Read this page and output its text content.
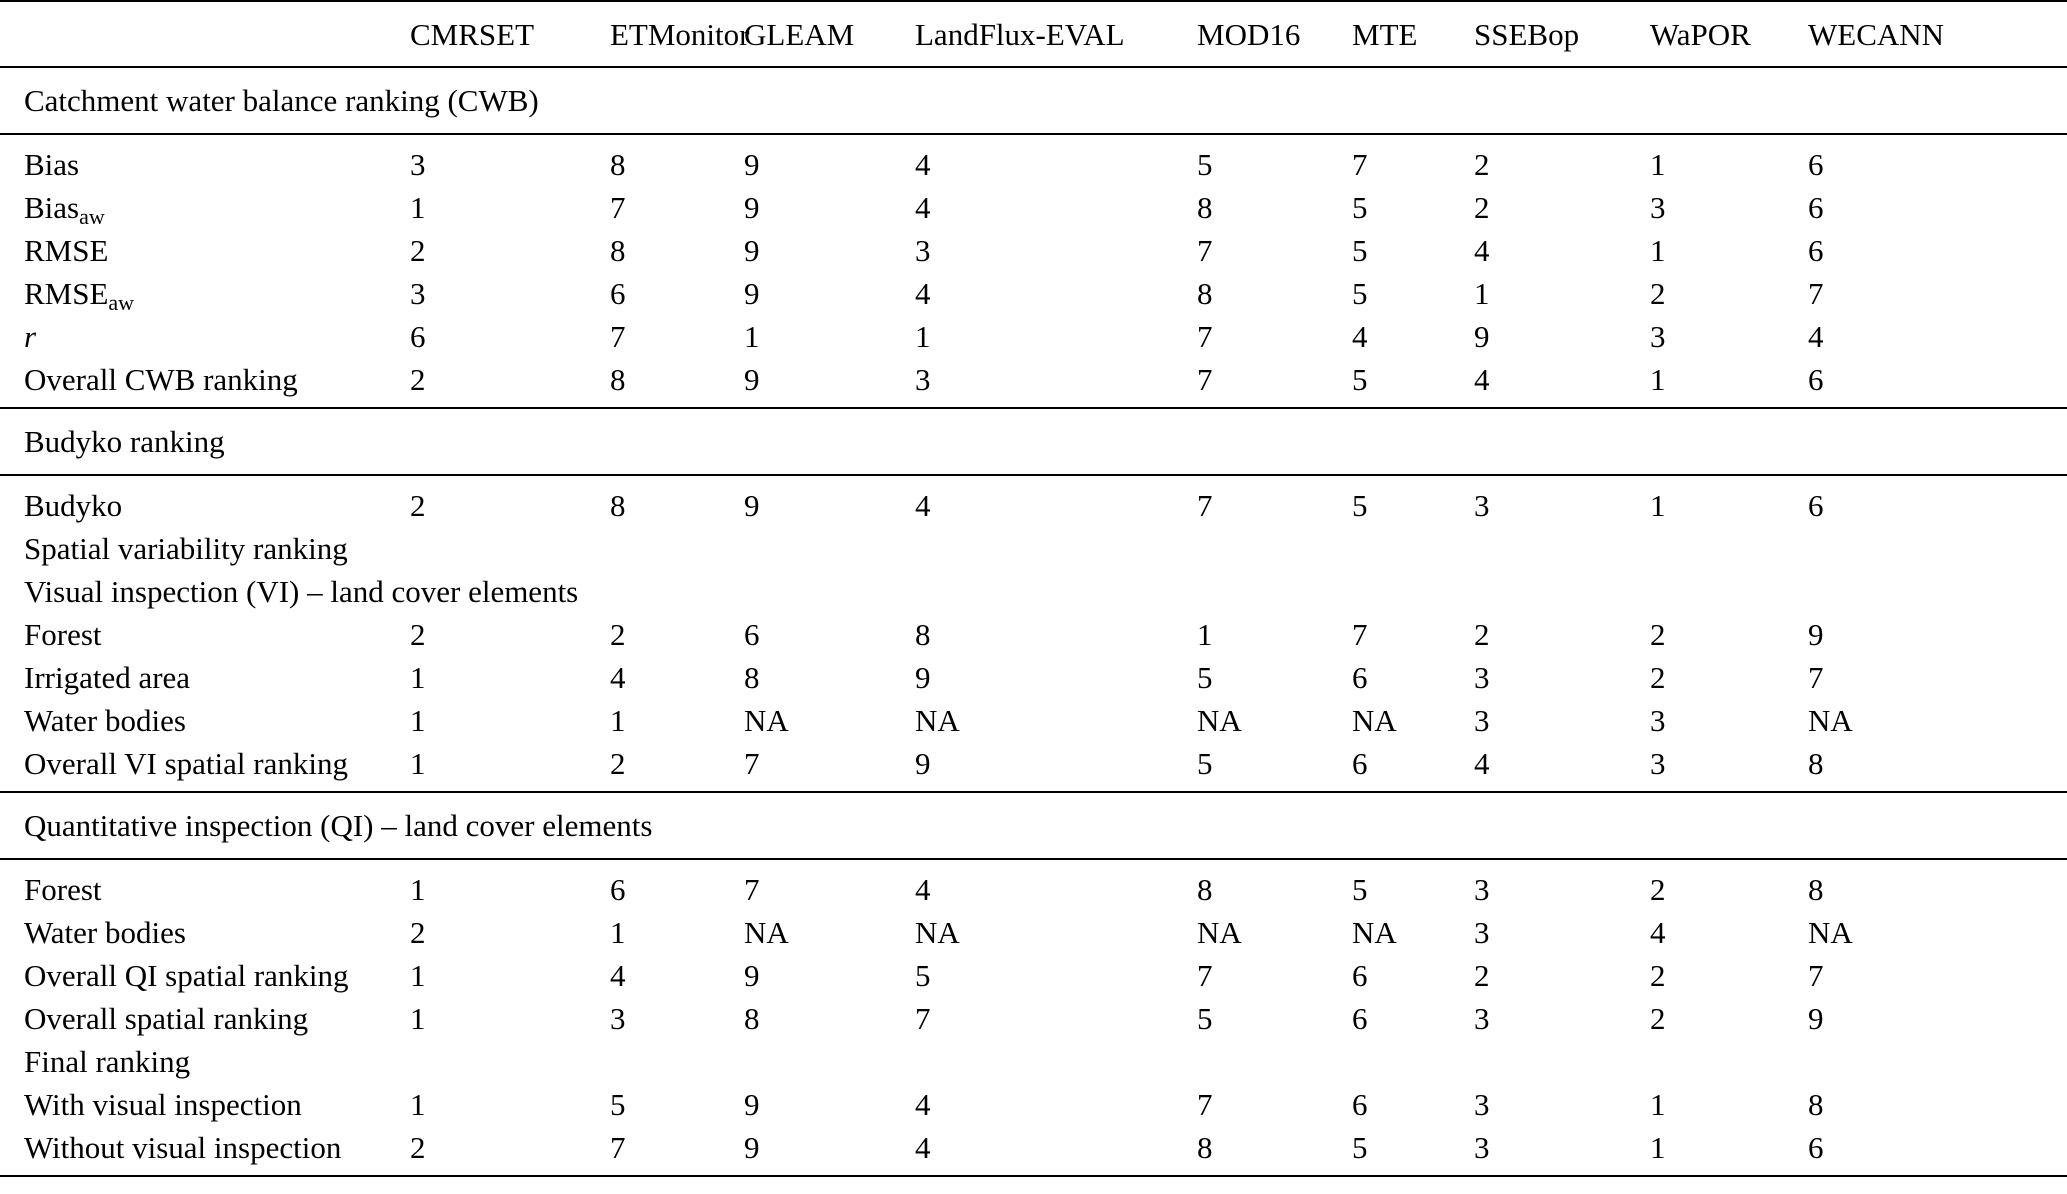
	CMRSET	ETMonitor	GLEAM	LandFlux-EVAL	MOD16	MTE	SSEBop	WaPOR	WECANN
Catchment water balance ranking (CWB)									
Bias	3	8	9	4	5	7	2	1	6
Bias$_{aw}$	1	7	9	4	8	5	2	3	6
RMSE	2	8	9	3	7	5	4	1	6
$RMSE_{aw}$	3	6	9	4	8	5	1	2	7
r	6	7	1	1	7	4	9	3	4
Overall CWB ranking	2	8	9	3	7	5	4	1	6
Budyko ranking									
Budyko	2	8	9	4	7	5	3	1	6
Spatial variability ranking									
Visual inspection (VI) – land cover elements									
Forest	2	2	6	8	1	7	2	2	9
Irrigated area	1	4	8	9	5	6	3	2	7
Water bodies	1	1	NA	NA	NA	NA	3	3	NA
Overall VI spatial ranking	1	2	7	9	5	6	4	3	8
Quantitative inspection (QI) – land cover elements									
Forest	1	6	7	4	8	5	3	2	8
Water bodies	2	1	NA	NA	NA	NA	3	4	NA
Overall QI spatial ranking	1	4	9	5	7	6	2	2	7
Overall spatial ranking	1	3	8	7	5	6	3	2	9
Final ranking									
With visual inspection	1	5	9	4	7	6	3	1	8
Without visual inspection	2	7	9	4	8	5	3	1	6
